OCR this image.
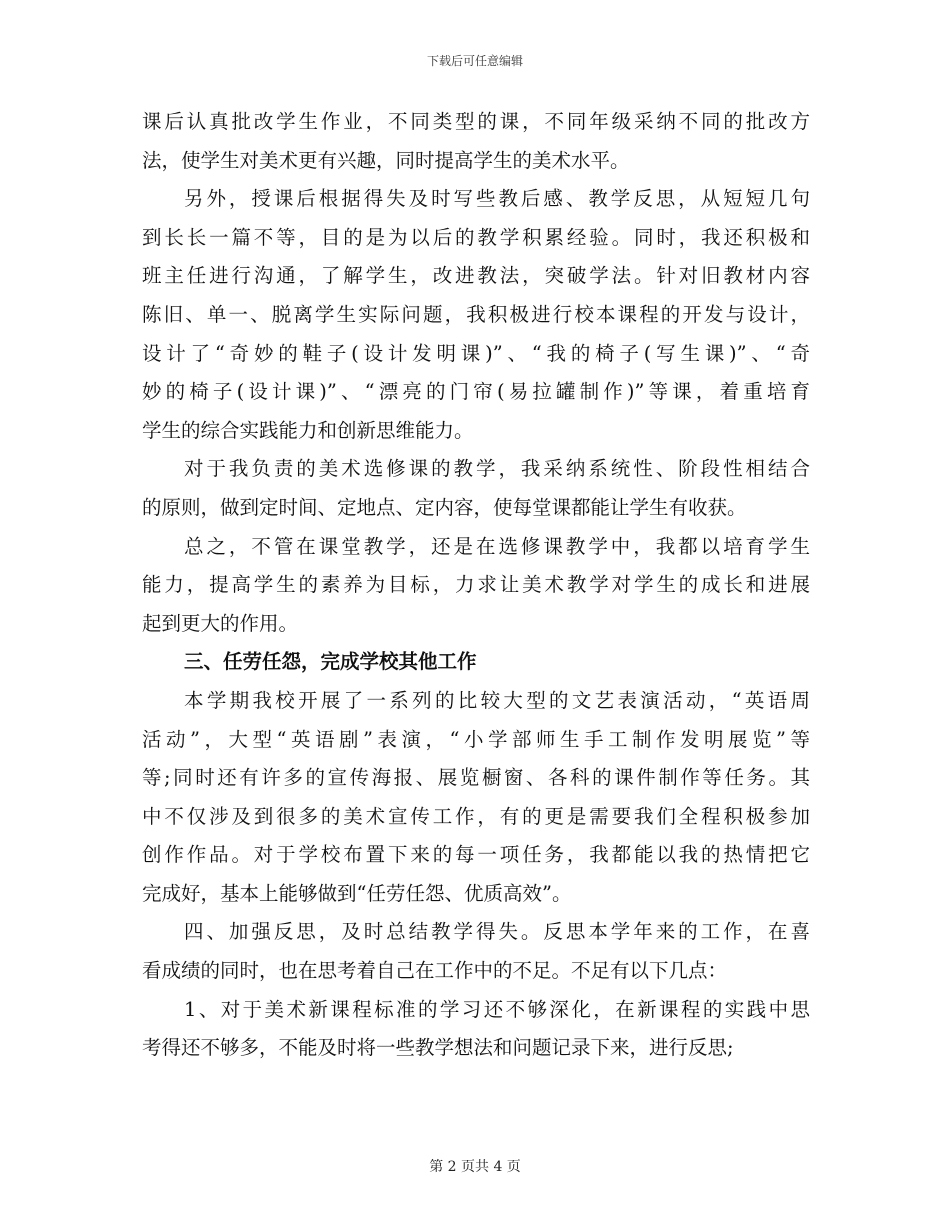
下载后可任意编辑
课后认真批改学生作业，不同类型的课，不同年级采纳不同的批改方
法，使学生对美术更有兴趣，同时提高学生的美术水平。
另外，授课后根据得失及时写些教后感、教学反思，从短短几句
到长长一篇不等，目的是为以后的教学积累经验。同时，我还积极和
班主任进行沟通，了解学生，改进教法，突破学法。针对旧教材内容
陈旧、单一、脱离学生实际问题，我积极进行校本课程的开发与设计，
设计了“奇妙的鞋子(设计发明课)”、“我的椅子(写生课)”、“奇
妙的椅子(设计课)”、“漂亮的门帘(易拉罐制作)”等课，着重培育
学生的综合实践能力和创新思维能力。
对于我负责的美术选修课的教学，我采纳系统性、阶段性相结合
的原则，做到定时间、定地点、定内容，使每堂课都能让学生有收获。
总之，不管在课堂教学，还是在选修课教学中，我都以培育学生
能力，提高学生的素养为目标，力求让美术教学对学生的成长和进展
起到更大的作用。
三、任劳任怨，完成学校其他工作
本学期我校开展了一系列的比较大型的文艺表演活动，“英语周
活动”，大型“英语剧”表演，“小学部师生手工制作发明展览”等
等;同时还有许多的宣传海报、展览橱窗、各科的课件制作等任务。其
中不仅涉及到很多的美术宣传工作，有的更是需要我们全程积极参加
创作作品。对于学校布置下来的每一项任务，我都能以我的热情把它
完成好，基本上能够做到“任劳任怨、优质高效”。
四、加强反思，及时总结教学得失。反思本学年来的工作，在喜
看成绩的同时，也在思考着自己在工作中的不足。不足有以下几点：
1、对于美术新课程标准的学习还不够深化，在新课程的实践中思
考得还不够多，不能及时将一些教学想法和问题记录下来，进行反思;
第 2 页共 4 页
